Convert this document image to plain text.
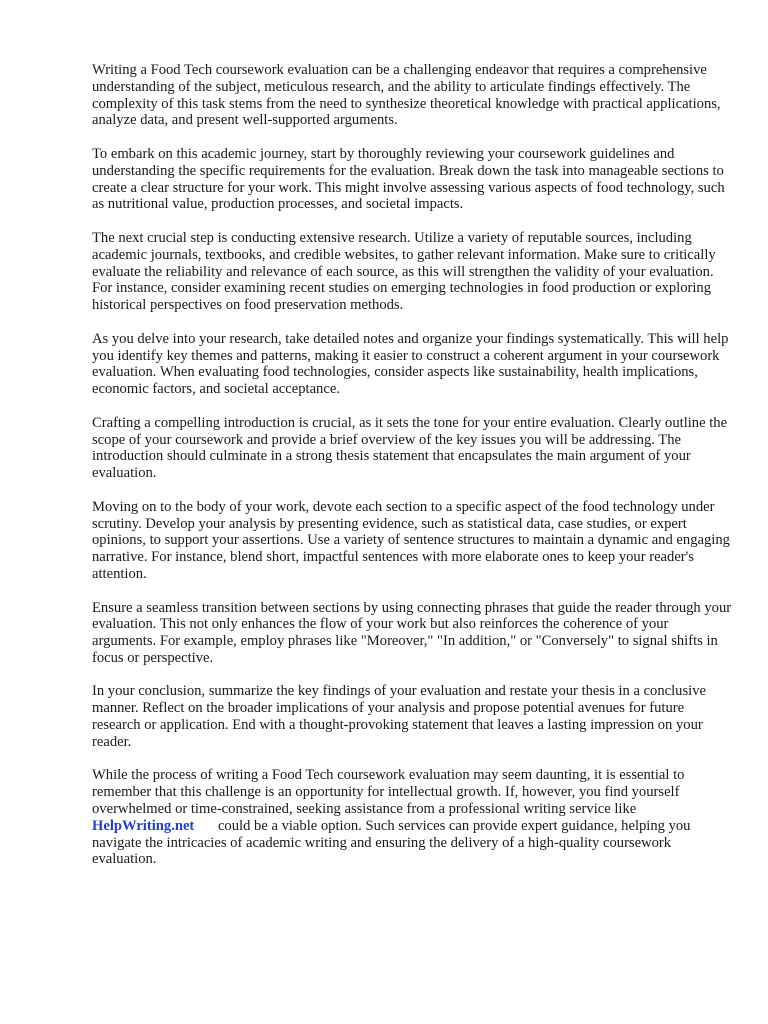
Writing a Food Tech coursework evaluation can be a challenging endeavor that requires a comprehensive understanding of the subject, meticulous research, and the ability to articulate findings effectively. The complexity of this task stems from the need to synthesize theoretical knowledge with practical applications, analyze data, and present well-supported arguments.

To embark on this academic journey, start by thoroughly reviewing your coursework guidelines and understanding the specific requirements for the evaluation. Break down the task into manageable sections to create a clear structure for your work. This might involve assessing various aspects of food technology, such as nutritional value, production processes, and societal impacts.

The next crucial step is conducting extensive research. Utilize a variety of reputable sources, including academic journals, textbooks, and credible websites, to gather relevant information. Make sure to critically evaluate the reliability and relevance of each source, as this will strengthen the validity of your evaluation. For instance, consider examining recent studies on emerging technologies in food production or exploring historical perspectives on food preservation methods.

As you delve into your research, take detailed notes and organize your findings systematically. This will help you identify key themes and patterns, making it easier to construct a coherent argument in your coursework evaluation. When evaluating food technologies, consider aspects like sustainability, health implications, economic factors, and societal acceptance.

Crafting a compelling introduction is crucial, as it sets the tone for your entire evaluation. Clearly outline the scope of your coursework and provide a brief overview of the key issues you will be addressing. The introduction should culminate in a strong thesis statement that encapsulates the main argument of your evaluation.

Moving on to the body of your work, devote each section to a specific aspect of the food technology under scrutiny. Develop your analysis by presenting evidence, such as statistical data, case studies, or expert opinions, to support your assertions. Use a variety of sentence structures to maintain a dynamic and engaging narrative. For instance, blend short, impactful sentences with more elaborate ones to keep your reader's attention.

Ensure a seamless transition between sections by using connecting phrases that guide the reader through your evaluation. This not only enhances the flow of your work but also reinforces the coherence of your arguments. For example, employ phrases like "Moreover," "In addition," or "Conversely" to signal shifts in focus or perspective.

In your conclusion, summarize the key findings of your evaluation and restate your thesis in a conclusive manner. Reflect on the broader implications of your analysis and propose potential avenues for future research or application. End with a thought-provoking statement that leaves a lasting impression on your reader.

While the process of writing a Food Tech coursework evaluation may seem daunting, it is essential to remember that this challenge is an opportunity for intellectual growth. If, however, you find yourself overwhelmed or time-constrained, seeking assistance from a professional writing service like
HelpWriting.net could be a viable option. Such services can provide expert guidance, helping you navigate the intricacies of academic writing and ensuring the delivery of a high-quality coursework evaluation.
